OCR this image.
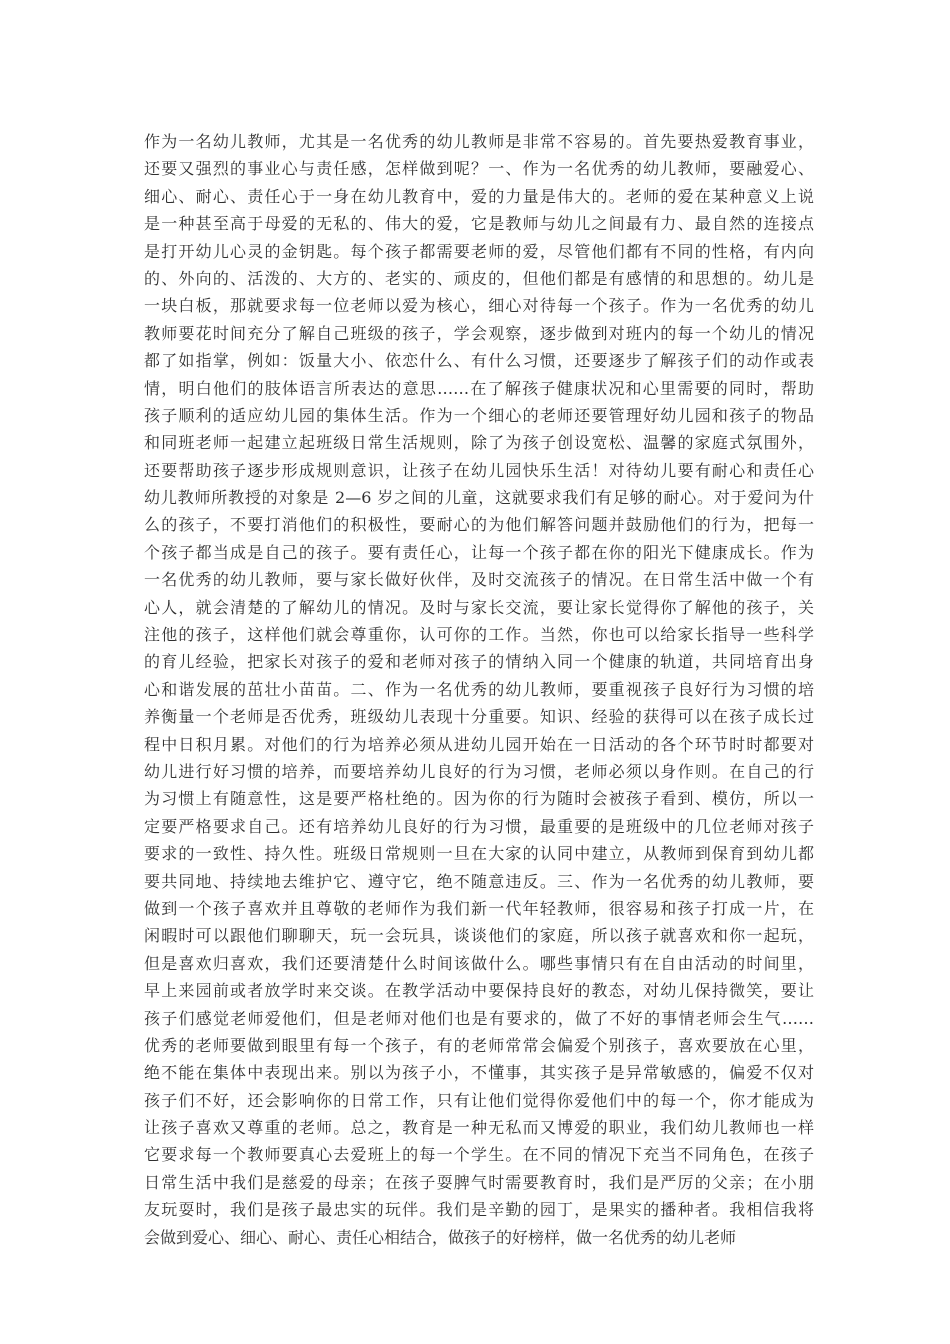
作为一名幼儿教师，尤其是一名优秀的幼儿教师是非常不容易的。首先要热爱教育事业，
还要又强烈的事业心与责任感，怎样做到呢？一、作为一名优秀的幼儿教师，要融爱心、
细心、耐心、责任心于一身在幼儿教育中，爱的力量是伟大的。老师的爱在某种意义上说
是一种甚至高于母爱的无私的、伟大的爱，它是教师与幼儿之间最有力、最自然的连接点
是打开幼儿心灵的金钥匙。每个孩子都需要老师的爱，尽管他们都有不同的性格，有内向
的、外向的、活泼的、大方的、老实的、顽皮的，但他们都是有感情的和思想的。幼儿是
一块白板，那就要求每一位老师以爱为核心，细心对待每一个孩子。作为一名优秀的幼儿
教师要花时间充分了解自己班级的孩子，学会观察，逐步做到对班内的每一个幼儿的情况
都了如指掌，例如：饭量大小、依恋什么、有什么习惯，还要逐步了解孩子们的动作或表
情，明白他们的肢体语言所表达的意思……在了解孩子健康状况和心里需要的同时，帮助
孩子顺利的适应幼儿园的集体生活。作为一个细心的老师还要管理好幼儿园和孩子的物品
和同班老师一起建立起班级日常生活规则，除了为孩子创设宽松、温馨的家庭式氛围外，
还要帮助孩子逐步形成规则意识，让孩子在幼儿园快乐生活！对待幼儿要有耐心和责任心
幼儿教师所教授的对象是 2—6 岁之间的儿童，这就要求我们有足够的耐心。对于爱问为什
么的孩子，不要打消他们的积极性，要耐心的为他们解答问题并鼓励他们的行为，把每一
个孩子都当成是自己的孩子。要有责任心，让每一个孩子都在你的阳光下健康成长。作为
一名优秀的幼儿教师，要与家长做好伙伴，及时交流孩子的情况。在日常生活中做一个有
心人，就会清楚的了解幼儿的情况。及时与家长交流，要让家长觉得你了解他的孩子，关
注他的孩子，这样他们就会尊重你，认可你的工作。当然，你也可以给家长指导一些科学
的育儿经验，把家长对孩子的爱和老师对孩子的情纳入同一个健康的轨道，共同培育出身
心和谐发展的茁壮小苗苗。二、作为一名优秀的幼儿教师，要重视孩子良好行为习惯的培
养衡量一个老师是否优秀，班级幼儿表现十分重要。知识、经验的获得可以在孩子成长过
程中日积月累。对他们的行为培养必须从进幼儿园开始在一日活动的各个环节时时都要对
幼儿进行好习惯的培养，而要培养幼儿良好的行为习惯，老师必须以身作则。在自己的行
为习惯上有随意性，这是要严格杜绝的。因为你的行为随时会被孩子看到、模仿，所以一
定要严格要求自己。还有培养幼儿良好的行为习惯，最重要的是班级中的几位老师对孩子
要求的一致性、持久性。班级日常规则一旦在大家的认同中建立，从教师到保育到幼儿都
要共同地、持续地去维护它、遵守它，绝不随意违反。三、作为一名优秀的幼儿教师，要
做到一个孩子喜欢并且尊敬的老师作为我们新一代年轻教师，很容易和孩子打成一片，在
闲暇时可以跟他们聊聊天，玩一会玩具，谈谈他们的家庭，所以孩子就喜欢和你一起玩，
但是喜欢归喜欢，我们还要清楚什么时间该做什么。哪些事情只有在自由活动的时间里，
早上来园前或者放学时来交谈。在教学活动中要保持良好的教态，对幼儿保持微笑，要让
孩子们感觉老师爱他们，但是老师对他们也是有要求的，做了不好的事情老师会生气……
优秀的老师要做到眼里有每一个孩子，有的老师常常会偏爱个别孩子，喜欢要放在心里，
绝不能在集体中表现出来。别以为孩子小，不懂事，其实孩子是异常敏感的，偏爱不仅对
孩子们不好，还会影响你的日常工作，只有让他们觉得你爱他们中的每一个，你才能成为
让孩子喜欢又尊重的老师。总之，教育是一种无私而又博爱的职业，我们幼儿教师也一样
它要求每一个教师要真心去爱班上的每一个学生。在不同的情况下充当不同角色，在孩子
日常生活中我们是慈爱的母亲；在孩子耍脾气时需要教育时，我们是严厉的父亲；在小朋
友玩耍时，我们是孩子最忠实的玩伴。我们是辛勤的园丁，是果实的播种者。我相信我将
会做到爱心、细心、耐心、责任心相结合，做孩子的好榜样，做一名优秀的幼儿老师
